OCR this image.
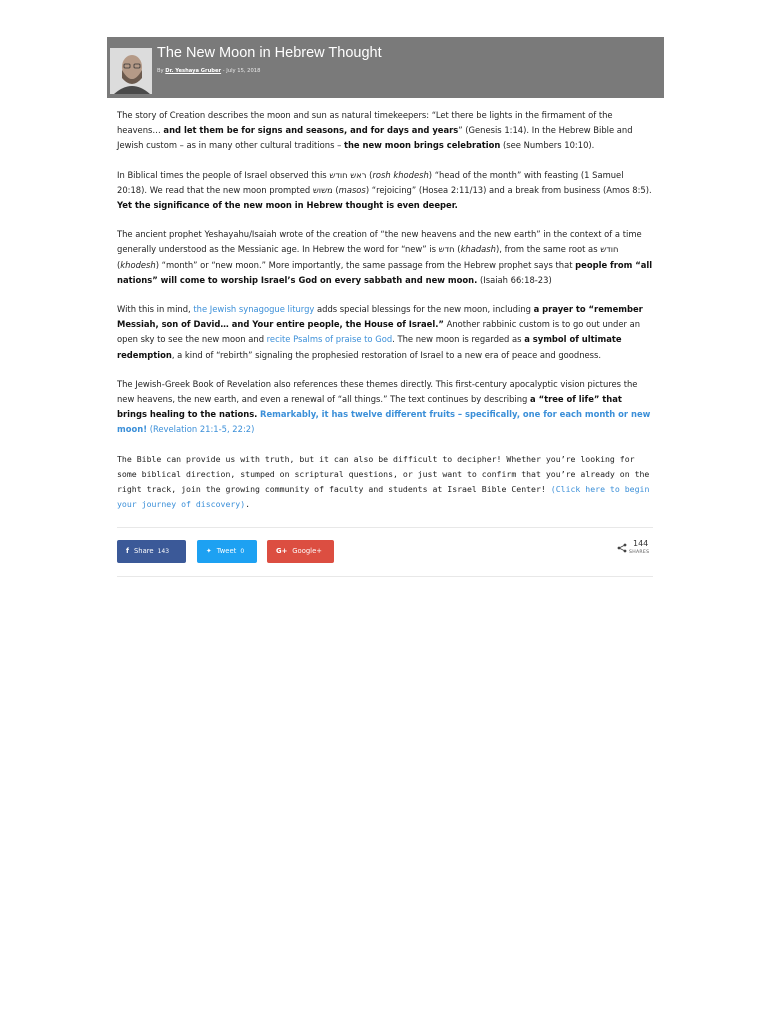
The New Moon in Hebrew Thought
By Dr. Yeshaya Gruber - July 15, 2018

The story of Creation describes the moon and sun as natural timekeepers: “Let there be lights in the firmament of the heavens… and let them be for signs and seasons, and for days and years” (Genesis 1:14). In the Hebrew Bible and Jewish custom – as in many other cultural traditions – the new moon brings celebration (see Numbers 10:10).

In Biblical times the people of Israel observed this ראש חודש (rosh khodesh) “head of the month” with feasting (1 Samuel 20:18). We read that the new moon prompted משוש (masos) “rejoicing” (Hosea 2:11/13) and a break from business (Amos 8:5). Yet the significance of the new moon in Hebrew thought is even deeper.

The ancient prophet Yeshayahu/Isaiah wrote of the creation of “the new heavens and the new earth” in the context of a time generally understood as the Messianic age. In Hebrew the word for “new” is חדש (khadash), from the same root as חודש (khodesh) “month” or “new moon.” More importantly, the same passage from the Hebrew prophet says that people from “all nations” will come to worship Israel’s God on every sabbath and new moon. (Isaiah 66:18-23)

With this in mind, the Jewish synagogue liturgy adds special blessings for the new moon, including a prayer to “remember Messiah, son of David… and Your entire people, the House of Israel.” Another rabbinic custom is to go out under an open sky to see the new moon and recite Psalms of praise to God. The new moon is regarded as a symbol of ultimate redemption, a kind of “rebirth” signaling the prophesied restoration of Israel to a new era of peace and goodness.

The Jewish-Greek Book of Revelation also references these themes directly. This first-century apocalyptic vision pictures the new heavens, the new earth, and even a renewal of “all things.” The text continues by describing a “tree of life” that brings healing to the nations. Remarkably, it has twelve different fruits – specifically, one for each month or new moon! (Revelation 21:1-5, 22:2)

The Bible can provide us with truth, but it can also be difficult to decipher! Whether you’re looking for some biblical direction, stumped on scriptural questions, or just want to confirm that you’re already on the right track, join the growing community of faculty and students at Israel Bible Center! (Click here to begin your journey of discovery).

f Share 143	✦ Tweet 0	G+ Google+
144
SHARES
